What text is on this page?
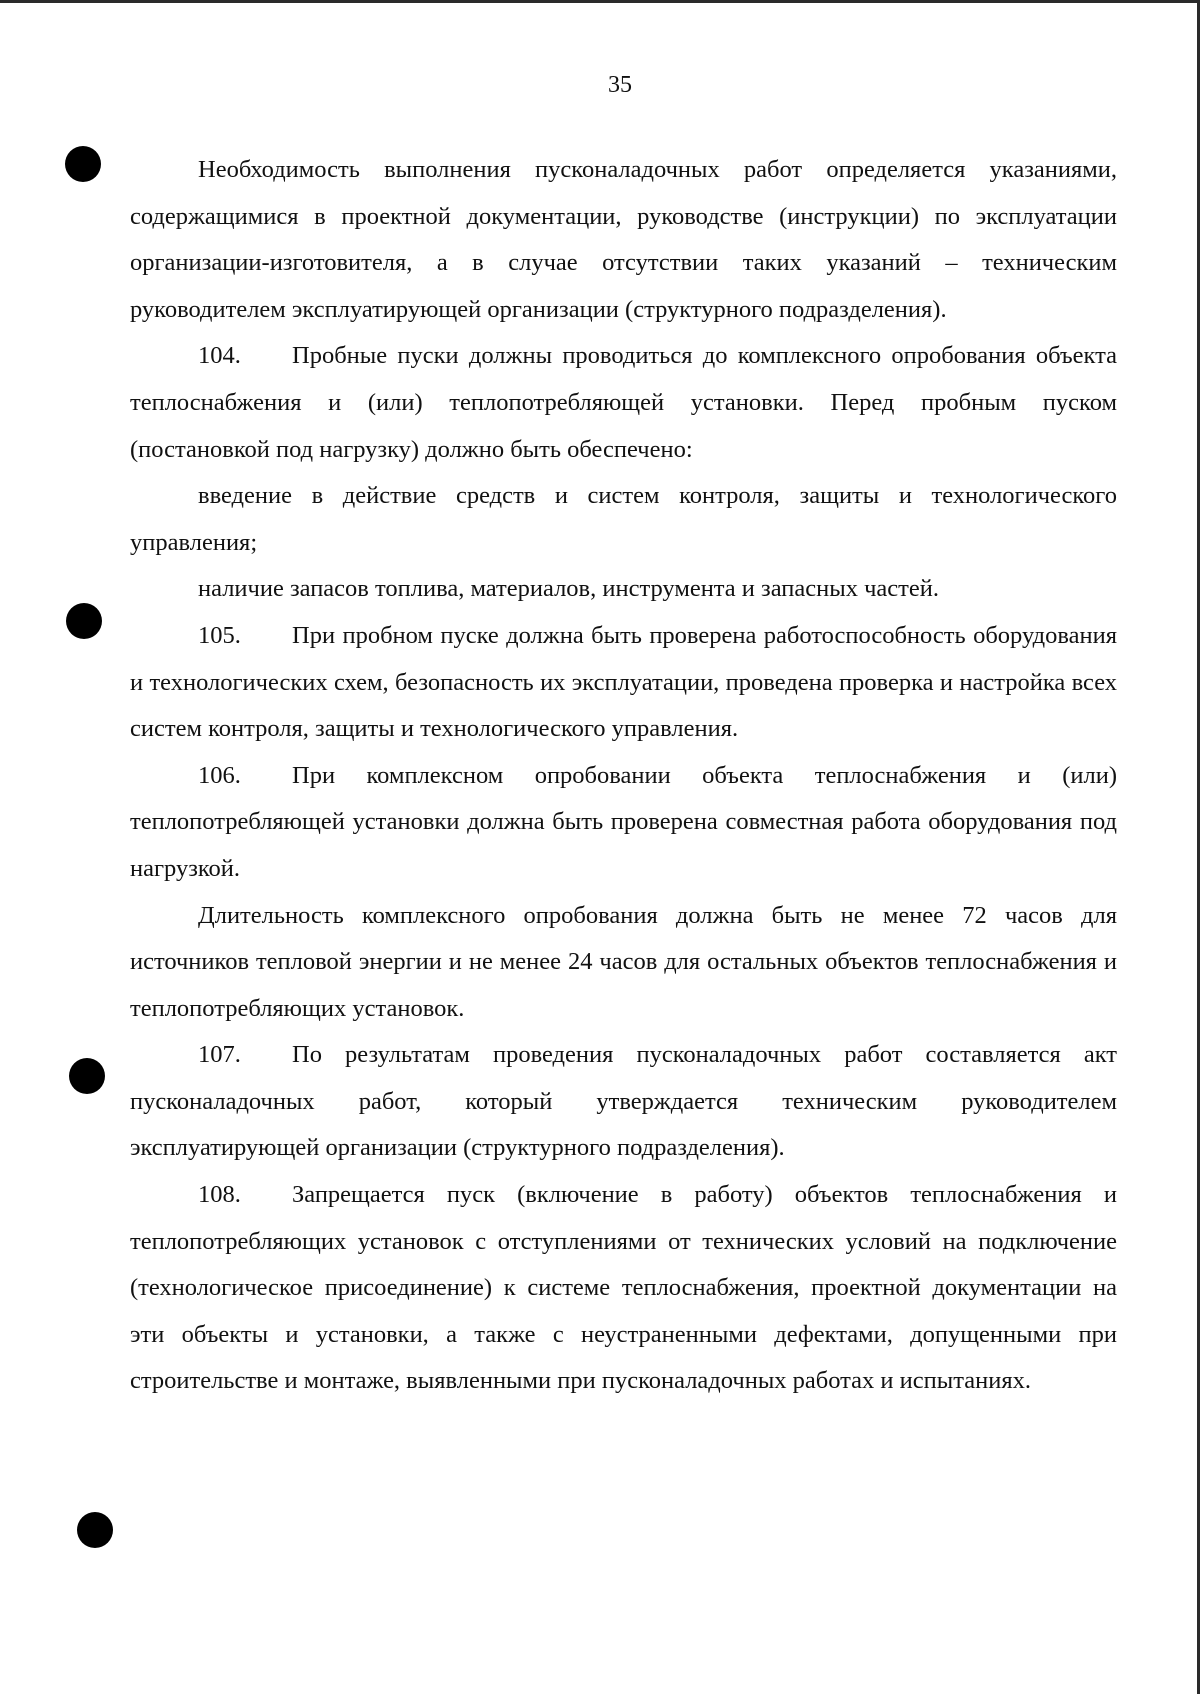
35

Необходимость выполнения пусконаладочных работ определяется указаниями, содержащимися в проектной документации, руководстве (инструкции) по эксплуатации организации-изготовителя, а в случае отсутствии таких указаний – техническим руководителем эксплуатирующей организации (структурного подразделения).

104. Пробные пуски должны проводиться до комплексного опробования объекта теплоснабжения и (или) теплопотребляющей установки. Перед пробным пуском (постановкой под нагрузку) должно быть обеспечено:

введение в действие средств и систем контроля, защиты и технологического управления;

наличие запасов топлива, материалов, инструмента и запасных частей.

105. При пробном пуске должна быть проверена работоспособность оборудования и технологических схем, безопасность их эксплуатации, проведена проверка и настройка всех систем контроля, защиты и технологического управления.

106. При комплексном опробовании объекта теплоснабжения и (или) теплопотребляющей установки должна быть проверена совместная работа оборудования под нагрузкой.

Длительность комплексного опробования должна быть не менее 72 часов для источников тепловой энергии и не менее 24 часов для остальных объектов теплоснабжения и теплопотребляющих установок.

107. По результатам проведения пусконаладочных работ составляется акт пусконаладочных работ, который утверждается техническим руководителем эксплуатирующей организации (структурного подразделения).

108. Запрещается пуск (включение в работу) объектов теплоснабжения и теплопотребляющих установок с отступлениями от технических условий на подключение (технологическое присоединение) к системе теплоснабжения, проектной документации на эти объекты и установки, а также с неустраненными дефектами, допущенными при строительстве и монтаже, выявленными при пусконаладочных работах и испытаниях.
